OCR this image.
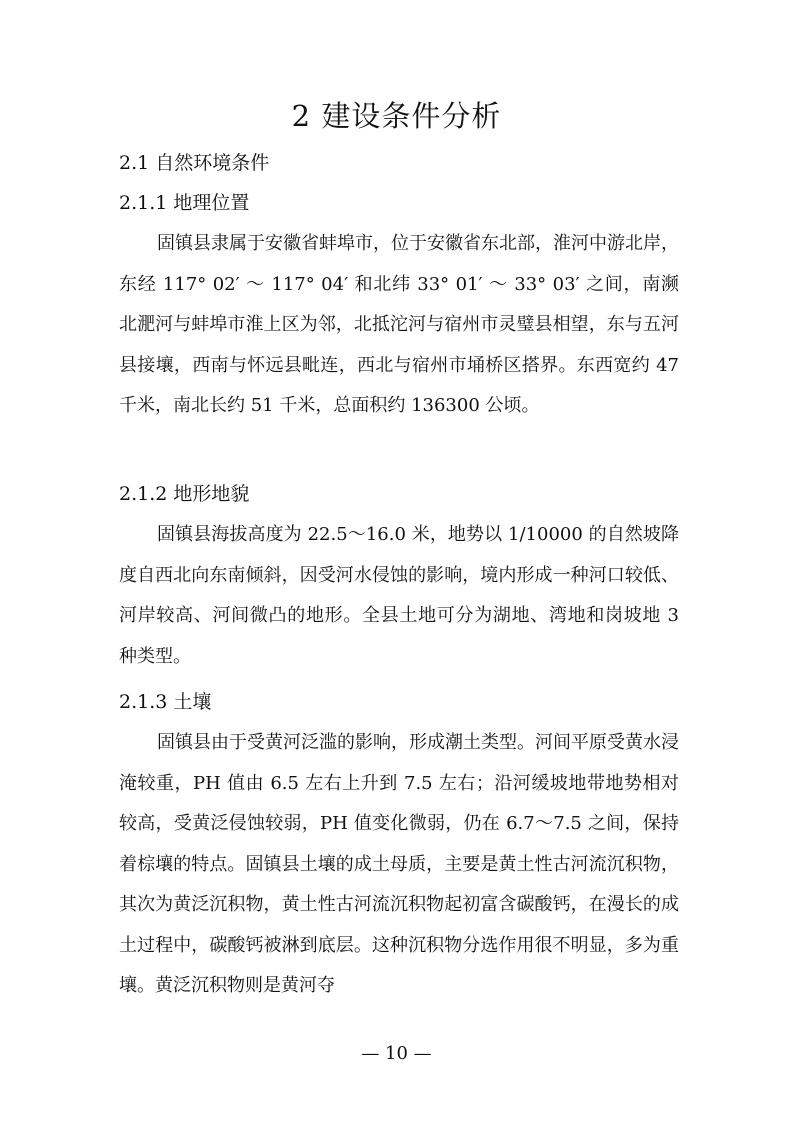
2 建设条件分析
2.1 自然环境条件
2.1.1 地理位置
固镇县隶属于安徽省蚌埠市，位于安徽省东北部，淮河中游北岸，东经 117° 02′ ～ 117° 04′ 和北纬 33° 01′ ～ 33° 03′ 之间，南濒北淝河与蚌埠市淮上区为邻，北抵沱河与宿州市灵璧县相望，东与五河县接壤，西南与怀远县毗连，西北与宿州市埇桥区搭界。东西宽约 47 千米，南北长约 51 千米，总面积约 136300 公顷。
2.1.2 地形地貌
固镇县海拔高度为 22.5～16.0 米，地势以 1/10000 的自然坡降度自西北向东南倾斜，因受河水侵蚀的影响，境内形成一种河口较低、河岸较高、河间微凸的地形。全县土地可分为湖地、湾地和岗坡地 3 种类型。
2.1.3 土壤
固镇县由于受黄河泛滥的影响，形成潮土类型。河间平原受黄水浸淹较重，PH 值由 6.5 左右上升到 7.5 左右；沿河缓坡地带地势相对较高，受黄泛侵蚀较弱，PH 值变化微弱，仍在 6.7～7.5 之间，保持着棕壤的特点。固镇县土壤的成土母质，主要是黄土性古河流沉积物，其次为黄泛沉积物，黄土性古河流沉积物起初富含碳酸钙，在漫长的成土过程中，碳酸钙被淋到底层。这种沉积物分选作用很不明显，多为重壤。黄泛沉积物则是黄河夺
— 10 —
